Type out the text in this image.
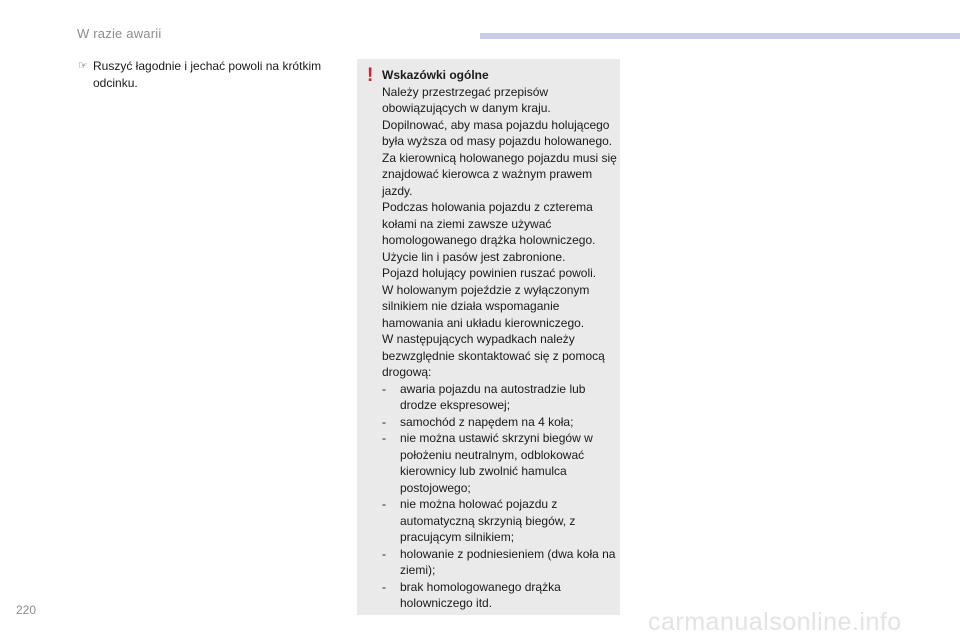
W razie awarii
☞ Ruszyć łagodnie i jechać powoli na krótkim odcinku.	! Wskazówki ogólne

Należy przestrzegać przepisów obowiązujących w danym kraju.

Dopilnować, aby masa pojazdu holującego była wyższa od masy pojazdu holowanego.

Za kierownicą holowanego pojazdu musi się znajdować kierowca z ważnym prawem jazdy.

Podczas holowania pojazdu z czterema kołami na ziemi zawsze używać homologowanego drążka holowniczego.

Użycie lin i pasów jest zabronione.

Pojazd holujący powinien ruszać powoli.

W holowanym pojeździe z wyłączonym silnikiem nie działa wspomaganie hamowania ani układu kierowniczego.

W następujących wypadkach należy bezwzględnie skontaktować się z pomocą drogową:

-	awaria pojazdu na autostradzie lub drodze ekspresowej;
-	samochód z napędem na 4 koła;
-	nie można ustawić skrzyni biegów w położeniu neutralnym, odblokować kierownicy lub zwolnić hamulca postojowego;
-	nie można holować pojazdu z automatyczną skrzynią biegów, z pracującym silnikiem;
-	holowanie z podniesieniem (dwa koła na ziemi);
-	brak homologowanego drążka holowniczego itd.
220	carmanualsonline.info
